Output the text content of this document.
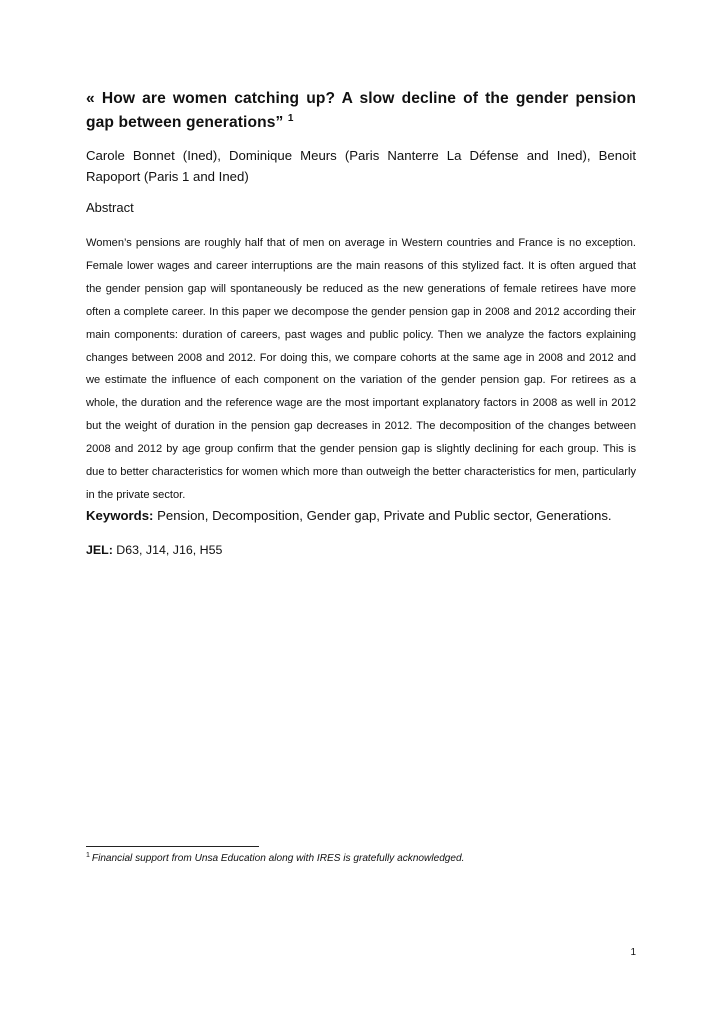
« How are women catching up? A slow decline of the gender pension gap between generations” $^1$

Carole Bonnet (Ined), Dominique Meurs (Paris Nanterre La Défense and Ined), Benoit Rapoport (Paris 1 and Ined)

Abstract

Women’s pensions are roughly half that of men on average in Western countries and France is no exception. Female lower wages and career interruptions are the main reasons of this stylized fact. It is often argued that the gender pension gap will spontaneously be reduced as the new generations of female retirees have more often a complete career. In this paper we decompose the gender pension gap in 2008 and 2012 according their main components: duration of careers, past wages and public policy. Then we analyze the factors explaining changes between 2008 and 2012. For doing this, we compare cohorts at the same age in 2008 and 2012 and we estimate the influence of each component on the variation of the gender pension gap. For retirees as a whole, the duration and the reference wage are the most important explanatory factors in 2008 as well in 2012 but the weight of duration in the pension gap decreases in 2012. The decomposition of the changes between 2008 and 2012 by age group confirm that the gender pension gap is slightly declining for each group. This is due to better characteristics for women which more than outweigh the better characteristics for men, particularly in the private sector.

Keywords: Pension, Decomposition, Gender gap, Private and Public sector, Generations.

JEL: D63, J14, J16, H55

$^1$ Financial support from Unsa Education along with IRES is gratefully acknowledged.

1
